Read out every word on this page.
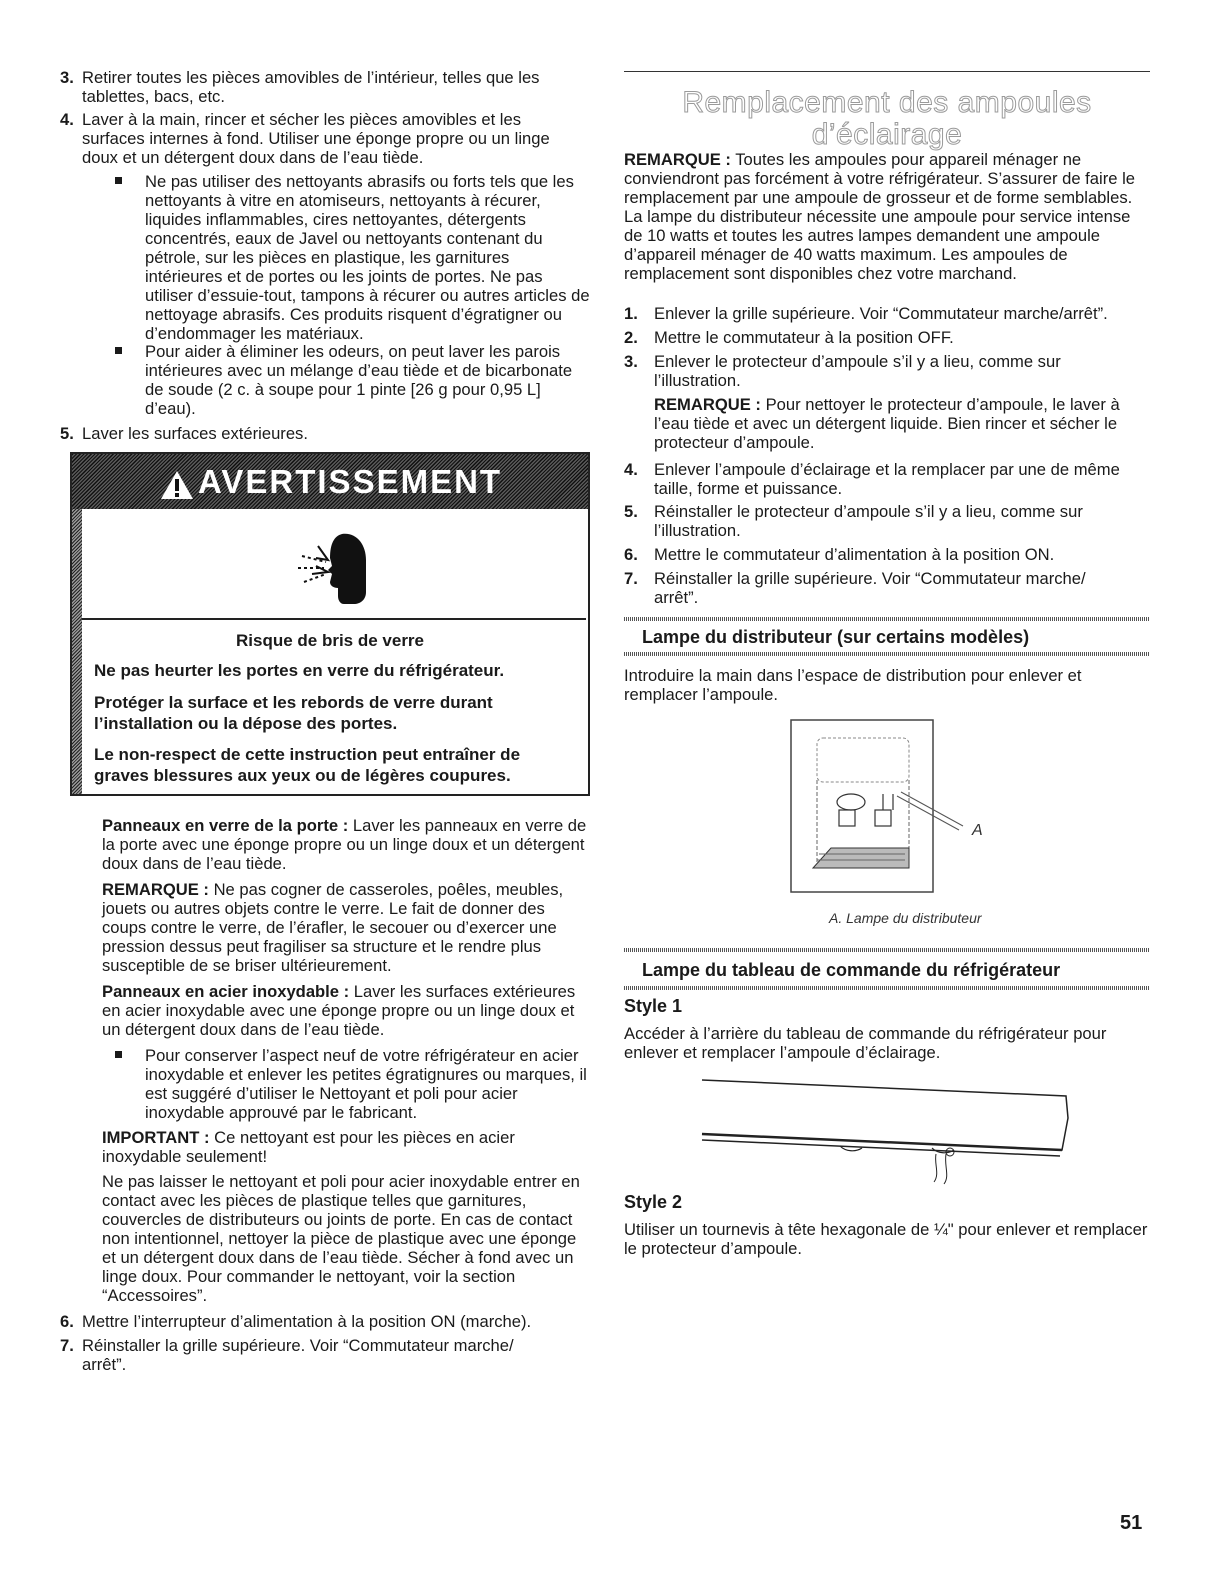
3. Retirer toutes les pièces amovibles de l’intérieur, telles que les tablettes, bacs, etc.
4. Laver à la main, rincer et sécher les pièces amovibles et les surfaces internes à fond. Utiliser une éponge propre ou un linge doux et un détergent doux dans de l’eau tiède.
Ne pas utiliser des nettoyants abrasifs ou forts tels que les nettoyants à vitre en atomiseurs, nettoyants à récurer, liquides inflammables, cires nettoyantes, détergents concentrés, eaux de Javel ou nettoyants contenant du pétrole, sur les pièces en plastique, les garnitures intérieures et de portes ou les joints de portes. Ne pas utiliser d’essuie-tout, tampons à récurer ou autres articles de nettoyage abrasifs. Ces produits risquent d’égratigner ou d’endommager les matériaux.
Pour aider à éliminer les odeurs, on peut laver les parois intérieures avec un mélange d’eau tiède et de bicarbonate de soude (2 c. à soupe pour 1 pinte [26 g pour 0,95 L] d’eau).
5. Laver les surfaces extérieures.
AVERTISSEMENT
Risque de bris de verre
Ne pas heurter les portes en verre du réfrigérateur.
Protéger la surface et les rebords de verre durant l’installation ou la dépose des portes.
Le non-respect de cette instruction peut entraîner de graves blessures aux yeux ou de légères coupures.

Panneaux en verre de la porte : Laver les panneaux en verre de la porte avec une éponge propre ou un linge doux et un détergent doux dans de l’eau tiède.

REMARQUE : Ne pas cogner de casseroles, poêles, meubles, jouets ou autres objets contre le verre. Le fait de donner des coups contre le verre, de l’érafler, le secouer ou d’exercer une pression dessus peut fragiliser sa structure et le rendre plus susceptible de se briser ultérieurement.

Panneaux en acier inoxydable : Laver les surfaces extérieures en acier inoxydable avec une éponge propre ou un linge doux et un détergent doux dans de l’eau tiède.

Pour conserver l’aspect neuf de votre réfrigérateur en acier inoxydable et enlever les petites égratignures ou marques, il est suggéré d’utiliser le Nettoyant et poli pour acier inoxydable approuvé par le fabricant.

IMPORTANT : Ce nettoyant est pour les pièces en acier inoxydable seulement!

Ne pas laisser le nettoyant et poli pour acier inoxydable entrer en contact avec les pièces de plastique telles que garnitures, couvercles de distributeurs ou joints de porte. En cas de contact non intentionnel, nettoyer la pièce de plastique avec une éponge et un détergent doux dans de l’eau tiède. Sécher à fond avec un linge doux. Pour commander le nettoyant, voir la section “Accessoires”.

6. Mettre l’interrupteur d’alimentation à la position ON (marche).
7. Réinstaller la grille supérieure. Voir “Commutateur marche/ arrêt”.
Remplacement des ampoules
d’éclairage

REMARQUE : Toutes les ampoules pour appareil ménager ne conviendront pas forcément à votre réfrigérateur. S’assurer de faire le remplacement par une ampoule de grosseur et de forme semblables. La lampe du distributeur nécessite une ampoule pour service intense de 10 watts et toutes les autres lampes demandent une ampoule d’appareil ménager de 40 watts maximum. Les ampoules de remplacement sont disponibles chez votre marchand.

1. Enlever la grille supérieure. Voir “Commutateur marche/arrêt”.
2. Mettre le commutateur à la position OFF.
3. Enlever le protecteur d’ampoule s’il y a lieu, comme sur l’illustration.

REMARQUE : Pour nettoyer le protecteur d’ampoule, le laver à l’eau tiède et avec un détergent liquide. Bien rincer et sécher le protecteur d’ampoule.

4. Enlever l’ampoule d’éclairage et la remplacer par une de même taille, forme et puissance.
5. Réinstaller le protecteur d’ampoule s’il y a lieu, comme sur l’illustration.
6. Mettre le commutateur d’alimentation à la position ON.
7. Réinstaller la grille supérieure. Voir “Commutateur marche/ arrêt”.
Lampe du distributeur (sur certains modèles)

Introduire la main dans l’espace de distribution pour enlever et remplacer l’ampoule.

A
A. Lampe du distributeur
Lampe du tableau de commande du réfrigérateur
Style 1

Accéder à l’arrière du tableau de commande du réfrigérateur pour enlever et remplacer l’ampoule d’éclairage.

Style 2

Utiliser un tournevis à tête hexagonale de ¼" pour enlever et remplacer le protecteur d’ampoule.

51
